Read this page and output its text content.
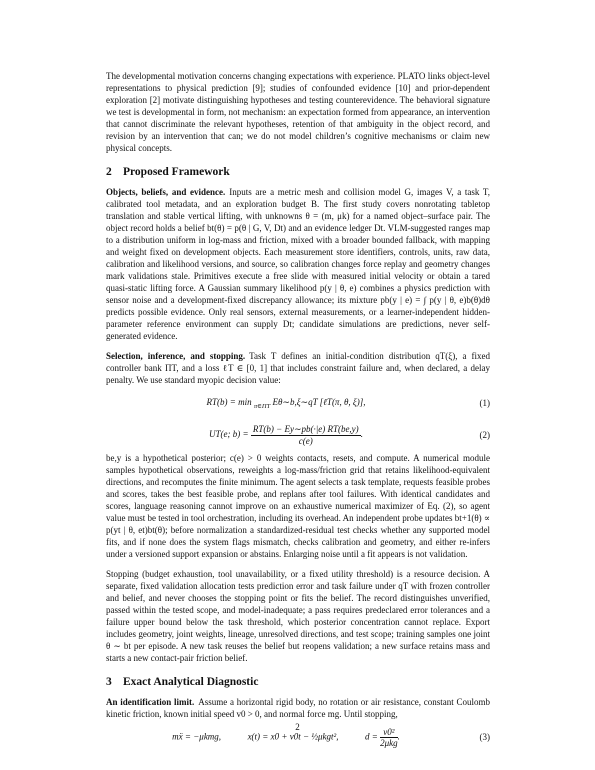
The developmental motivation concerns changing expectations with experience. PLATO links object-level representations to physical prediction [9]; studies of confounded evidence [10] and prior-dependent exploration [2] motivate distinguishing hypotheses and testing counterevidence. The behavioral signature we test is developmental in form, not mechanism: an expectation formed from appearance, an intervention that cannot discriminate the relevant hypotheses, retention of that ambiguity in the object record, and revision by an intervention that can; we do not model children’s cognitive mechanisms or claim new physical concepts.

2 Proposed Framework

Objects, beliefs, and evidence. Inputs are a metric mesh and collision model G, images V, a task T, calibrated tool metadata, and an exploration budget B. The first study covers nonrotating tabletop translation and stable vertical lifting, with unknowns θ = (m, μk) for a named object–surface pair. The object record holds a belief bt(θ) = p(θ | G, V, Dt) and an evidence ledger Dt. VLM-suggested ranges map to a distribution uniform in log-mass and friction, mixed with a broader bounded fallback, with mapping and weight fixed on development objects. Each measurement store identifiers, controls, units, raw data, calibration and likelihood versions, and source, so calibration changes force replay and geometry changes mark validations stale. Primitives execute a free slide with measured initial velocity or obtain a tared quasi-static lifting force. A Gaussian summary likelihood p(y | θ, e) combines a physics prediction with sensor noise and a development-fixed discrepancy allowance; its mixture pb(y | e) = ∫ p(y | θ, e)b(θ)dθ predicts possible evidence. Only real sensors, external measurements, or a learner-independent hidden-parameter reference environment can supply Dt; candidate simulations are predictions, never self-generated evidence.

Selection, inference, and stopping. Task T defines an initial-condition distribution qT(ξ), a fixed controller bank ΠT, and a loss ℓT ∈ [0, 1] that includes constraint failure and, when declared, a delay penalty. We use standard myopic decision value:

RT(b) = min $_{\pi\in\Pi T}$ Eθ∼b,ξ∼qT [ℓT(π, θ, ξ)],	(1)
UT(e; $b) = \frac{RT(b) - Ey\sim pb(\cdot|e) RT(be,y)}{c(e)}$ .	(2)

be,y is a hypothetical posterior; c(e) > 0 weights contacts, resets, and compute. A numerical module samples hypothetical observations, reweights a log-mass/friction grid that retains likelihood-equivalent directions, and recomputes the finite minimum. The agent selects a task template, requests feasible probes and scores, takes the best feasible probe, and replans after tool failures. With identical candidates and scores, language reasoning cannot improve on an exhaustive numerical maximizer of Eq. (2), so agent value must be tested in tool orchestration, including its overhead. An independent probe updates bt+1(θ) ∝ p(yt | θ, et)bt(θ); before normalization a standardized-residual test checks whether any supported model fits, and if none does the system flags mismatch, checks calibration and geometry, and either re-infers under a versioned support expansion or abstains. Enlarging noise until a fit appears is not validation.

Stopping (budget exhaustion, tool unavailability, or a fixed utility threshold) is a resource decision. A separate, fixed validation allocation tests prediction error and task failure under qT with frozen controller and belief, and never chooses the stopping point or fits the belief. The record distinguishes unverified, passed within the tested scope, and model-inadequate; a pass requires predeclared error tolerances and a failure upper bound below the task threshold, which posterior concentration cannot replace. Export includes geometry, joint weights, lineage, unresolved directions, and test scope; training samples one joint θ ∼ bt per episode. A new task reuses the belief but reopens validation; a new surface retains mass and starts a new contact-pair friction belief.

3 Exact Analytical Diagnostic

An identification limit. Assume a horizontal rigid body, no rotation or air resistance, constant Coulomb kinetic friction, known initial speed v0 > 0, and normal force mg. Until stopping,

mẍ = −μkmg,	x(t) = x0 + v0t − ½μkgt²,	d = v0²
2μkg
.	(3)
2
